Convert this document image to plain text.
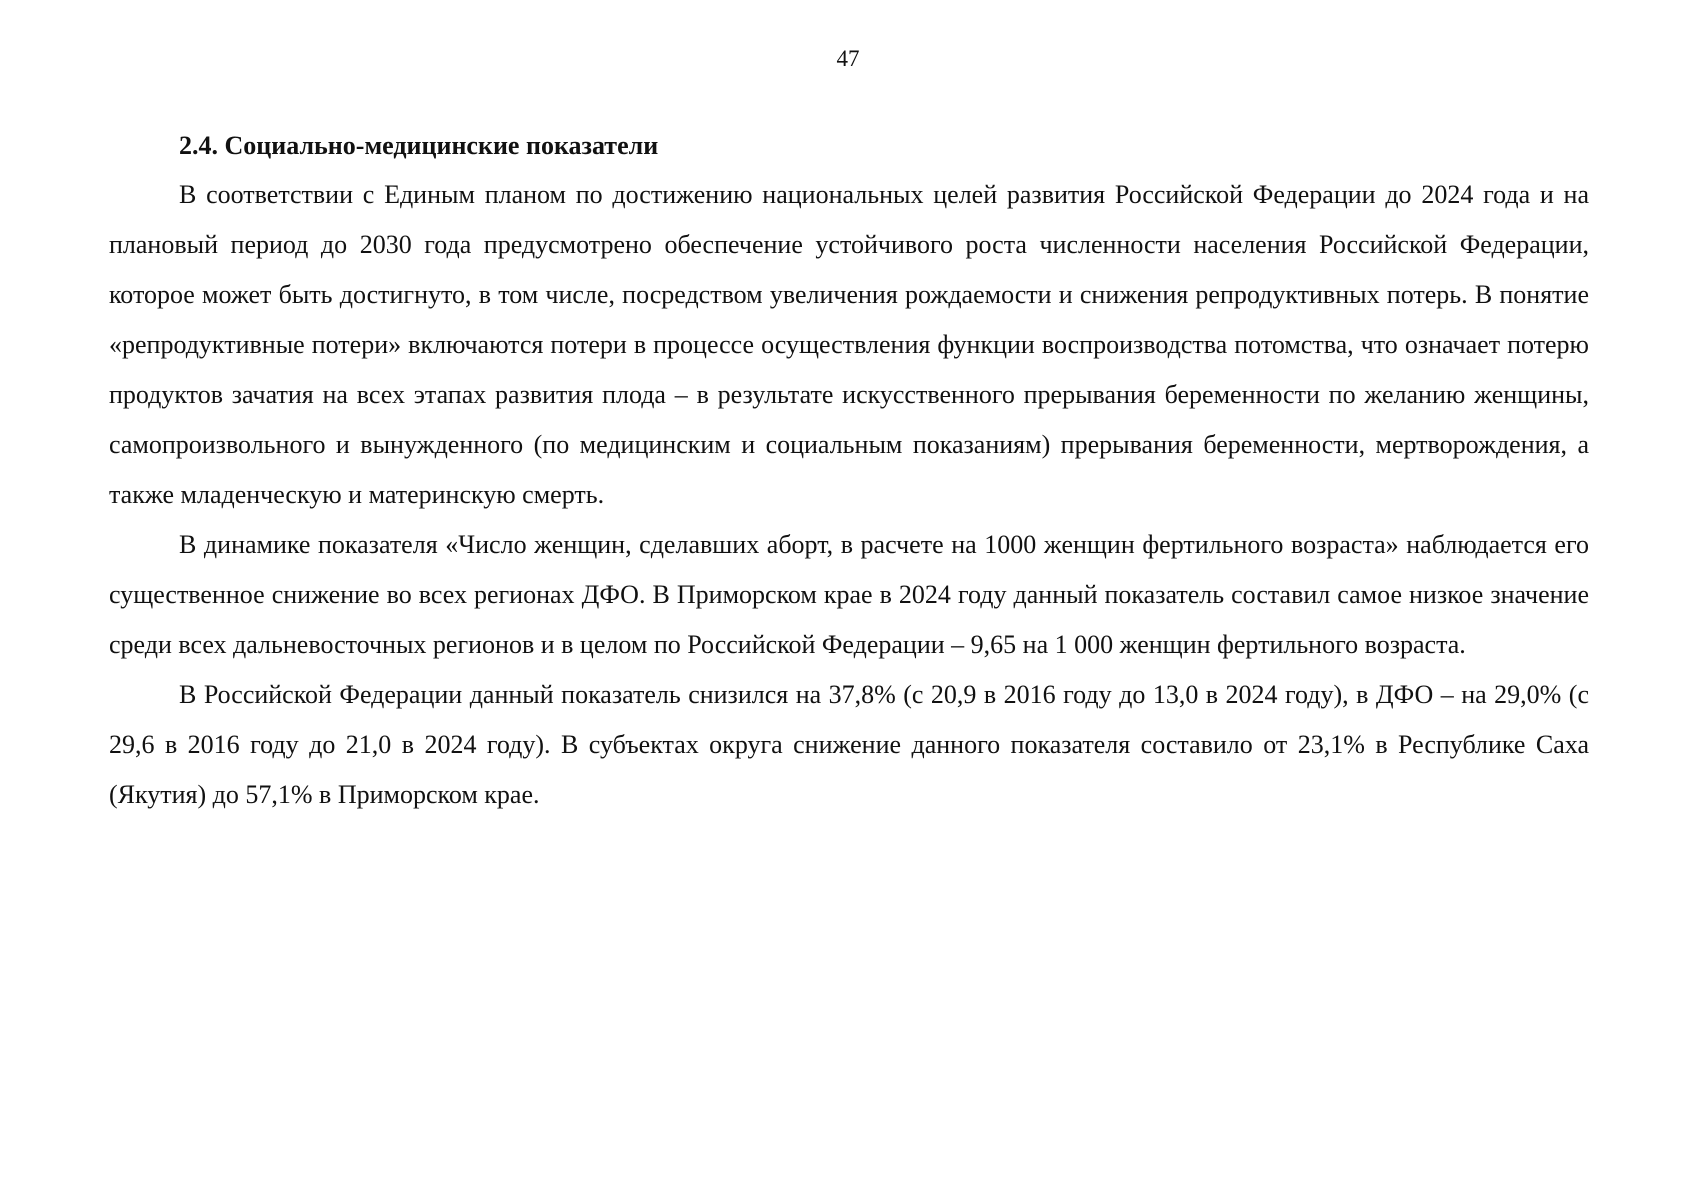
47
2.4. Социально-медицинские показатели

В соответствии с Единым планом по достижению национальных целей развития Российской Федерации до 2024 года и на плановый период до 2030 года предусмотрено обеспечение устойчивого роста численности населения Российской Федерации, которое может быть достигнуто, в том числе, посредством увеличения рождаемости и снижения репродуктивных потерь. В понятие «репродуктивные потери» включаются потери в процессе осуществления функции воспроизводства потомства, что означает потерю продуктов зачатия на всех этапах развития плода – в результате искусственного прерывания беременности по желанию женщины, самопроизвольного и вынужденного (по медицинским и социальным показаниям) прерывания беременности, мертворождения, а также младенческую и материнскую смерть.

В динамике показателя «Число женщин, сделавших аборт, в расчете на 1000 женщин фертильного возраста» наблюдается его существенное снижение во всех регионах ДФО. В Приморском крае в 2024 году данный показатель составил самое низкое значение среди всех дальневосточных регионов и в целом по Российской Федерации – 9,65 на 1 000 женщин фертильного возраста.

В Российской Федерации данный показатель снизился на 37,8% (с 20,9 в 2016 году до 13,0 в 2024 году), в ДФО – на 29,0% (с 29,6 в 2016 году до 21,0 в 2024 году). В субъектах округа снижение данного показателя составило от 23,1% в Республике Саха (Якутия) до 57,1% в Приморском крае.
